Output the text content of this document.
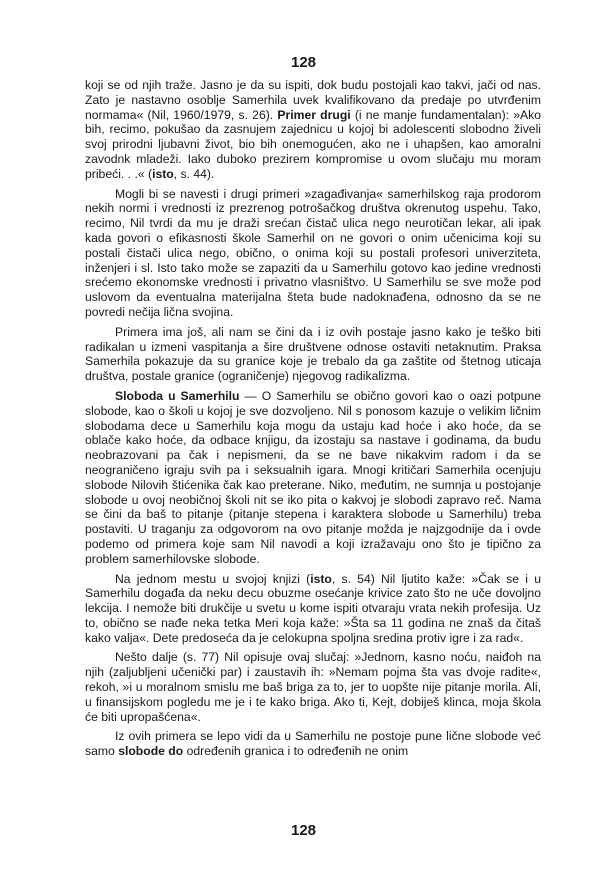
128

koji se od njih traže. Jasno je da su ispiti, dok budu postojali kao takvi, jači od nas. Zato je nastavno osoblje Samerhila uvek kvalifikovano da predaje po utvrđenim normama« (Nil, 1960/1979, s. 26). Primer drugi (i ne manje fundamentalan): »Ako bih, recimo, pokušao da zasnujem zajednicu u kojoj bi adolescenti slobodno živeli svoj prirodni ljubavni život, bio bih onemogućen, ako ne i uhapšen, kao amoralni zavodnk mladeži. Iako duboko prezirem kompromise u ovom slučaju mu moram pribeći. . .« (isto, s. 44).

Mogli bi se navesti i drugi primeri »zagađivanja« samerhilskog raja prodorom nekih normi i vrednosti iz prezrenog potrošačkog društva okrenutog uspehu. Tako, recimo, Nil tvrdi da mu je draži srećan čistač ulica nego neurotičan lekar, ali ipak kada govori o efikasnosti škole Samerhil on ne govori o onim učenicima koji su postali čistači ulica nego, obično, o onima koji su postali profesori univerziteta, inženjeri i sl. Isto tako može se zapaziti da u Samerhilu gotovo kao jedine vrednosti srećemo ekonomske vrednosti i privatno vlasništvo. U Samerhilu se sve može pod uslovom da eventualna materijalna šteta bude nadoknađena, odnosno da se ne povredi nečija lična svojina.

Primera ima još, ali nam se čini da i iz ovih postaje jasno kako je teško biti radikalan u izmeni vaspitanja a šire društvene odnose ostaviti netaknutim. Praksa Samerhila pokazuje da su granice koje je trebalo da ga zaštite od štetnog uticaja društva, postale granice (ograničenje) njegovog radikalizma.

Sloboda u Samerhilu — O Samerhilu se obično govori kao o oazi potpune slobode, kao o školi u kojoj je sve dozvoljeno. Nil s ponosom kazuje o velikim ličnim slobodama dece u Samerhilu koja mogu da ustaju kad hoće i ako hoće, da se oblače kako hoće, da odbace knjigu, da izostaju sa nastave i godinama, da budu neobrazovani pa čak i nepismeni, da se ne bave nikakvim radom i da se neograničeno igraju svih pa i seksualnih igara. Mnogi kritičari Samerhila ocenjuju slobode Nilovih štićenika čak kao preterane. Niko, međutim, ne sumnja u postojanje slobode u ovoj neobičnoj školi nit se iko pita o kakvoj je slobodi zapravo reč. Nama se čini da baš to pitanje (pitanje stepena i karaktera slobode u Samerhilu) treba postaviti. U traganju za odgovorom na ovo pitanje možda je najzgodnije da i ovde podemo od primera koje sam Nil navodi a koji izražavaju ono što je tipično za problem samerhilovske slobode.

Na jednom mestu u svojoj knjizi (isto, s. 54) Nil ljutito kaže: »Čak se i u Samerhilu događa da neku decu obuzme osećanje krivice zato što ne uče dovoljno lekcija. I nemože biti drukčije u svetu u kome ispiti otvaraju vrata nekih profesija. Uz to, obično se nađe neka tetka Meri koja kaže: »Šta sa 11 godina ne znaš da čitaš kako valja«. Dete predoseća da je celokupna spoljna sredina protiv igre i za rad«.

Nešto dalje (s. 77) Nil opisuje ovaj slučaj: »Jednom, kasno noću, naiđoh na njih (zaljubljeni učenički par) i zaustavih ih: »Nemam pojma šta vas dvoje radite«, rekoh, »i u moralnom smislu me baš briga za to, jer to uopšte nije pitanje morila. Ali, u finansijskom pogledu me je i te kako briga. Ako ti, Kejt, dobiješ klinca, moja škola će biti upropašćena«.

Iz ovih primera se lepo vidi da u Samerhilu ne postoje pune lične slobode već samo slobode do određenih granica i to određenih ne onim

128
